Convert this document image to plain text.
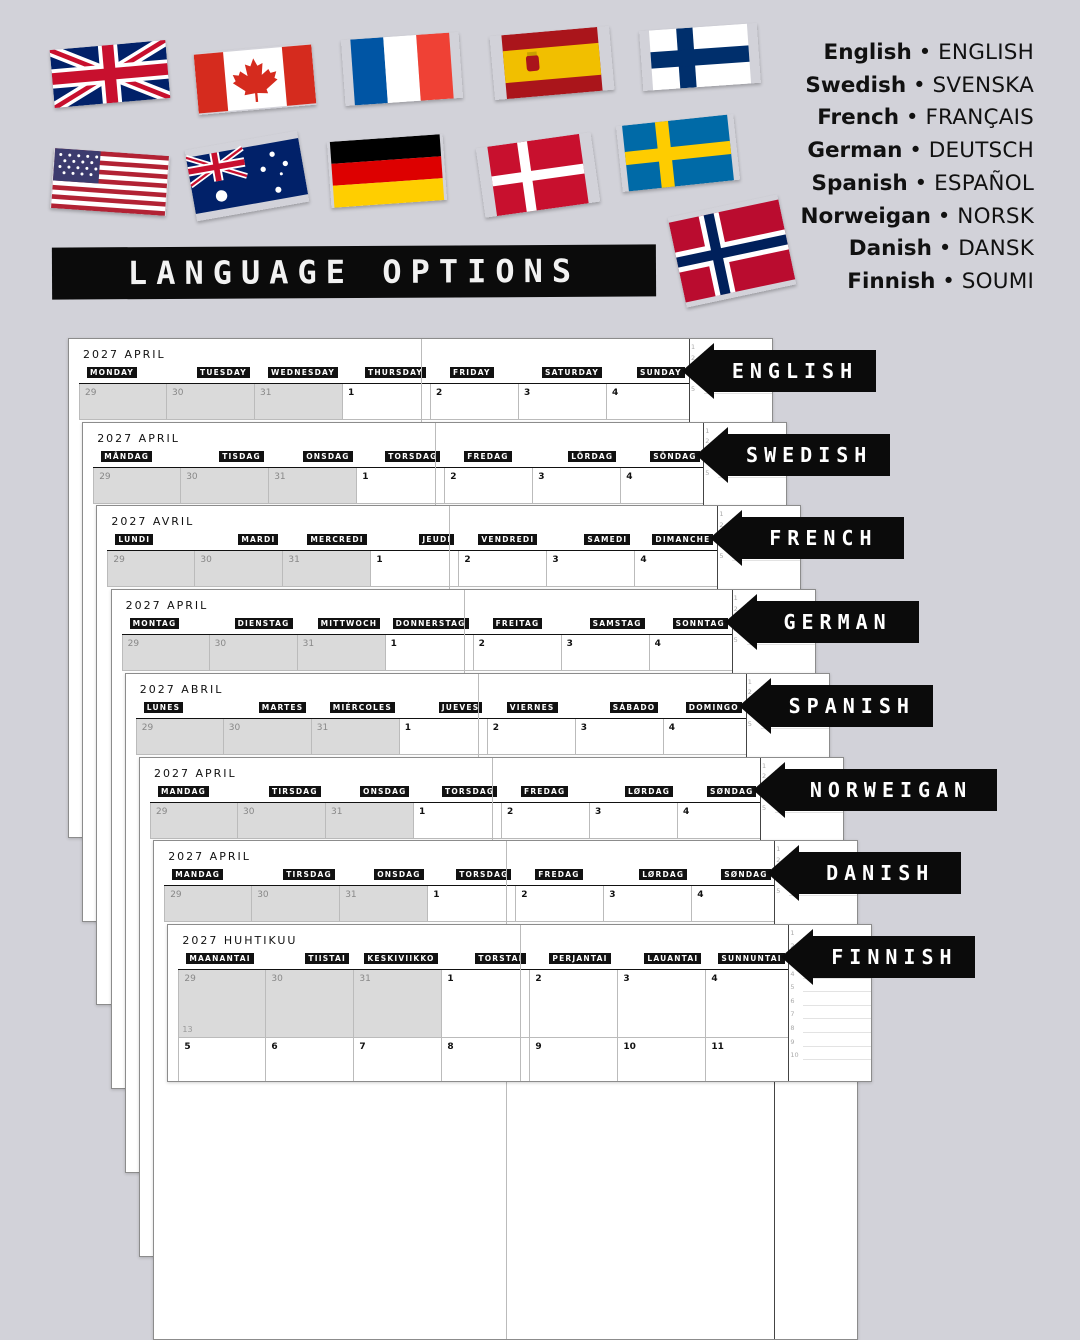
English • ENGLISH
Swedish • SVENSKA
French • FRANÇAIS
German • DEUTSCH
Spanish • ESPAÑOL
Norweigan • NORSK
Danish • DANSK
Finnish • SOUMI
LANGUAGE OPTIONS
2027 APRIL
MONDAY	TUESDAY	WEDNESDAY	THURSDAY	FRIDAY	SATURDAY	SUNDAY
29	30	31	1	2	3	4
1
2
3
4
5
2027 APRIL
MÅNDAG	TISDAG	ONSDAG	TORSDAG	FREDAG	LÖRDAG	SÖNDAG
29	30	31	1	2	3	4
1
2
3
4
5
2027 AVRIL
LUNDI	MARDI	MERCREDI	JEUDI	VENDREDI	SAMEDI	DIMANCHE
29	30	31	1	2	3	4
1
2
3
4
5
2027 APRIL
MONTAG	DIENSTAG	MITTWOCH	DONNERSTAG	FREITAG	SAMSTAG	SONNTAG
29	30	31	1	2	3	4
1
2
3
4
5
2027 ABRIL
LUNES	MARTES	MIÉRCOLES	JUEVES	VIERNES	SÁBADO	DOMINGO
29	30	31	1	2	3	4
1
2
3
4
5
2027 APRIL
MANDAG	TIRSDAG	ONSDAG	TORSDAG	FREDAG	LØRDAG	SØNDAG
29	30	31	1	2	3	4
1
2
3
4
5
2027 APRIL
MANDAG	TIRSDAG	ONSDAG	TORSDAG	FREDAG	LØRDAG	SØNDAG
29	30	31	1	2	3	4
1
2
3
4
5
2027 HUHTIKUU
MAANANTAI	TIISTAI	KESKIVIIKKO	TORSTAI	PERJANTAI	LAUANTAI	SUNNUNTAI
29	30	31	1	2	3	4
13
5	6	7	8	9	10	11
1
2
3
4
5
6
7
8
9
10
ENGLISH
SWEDISH
FRENCH
GERMAN
SPANISH
NORWEIGAN
DANISH
FINNISH
